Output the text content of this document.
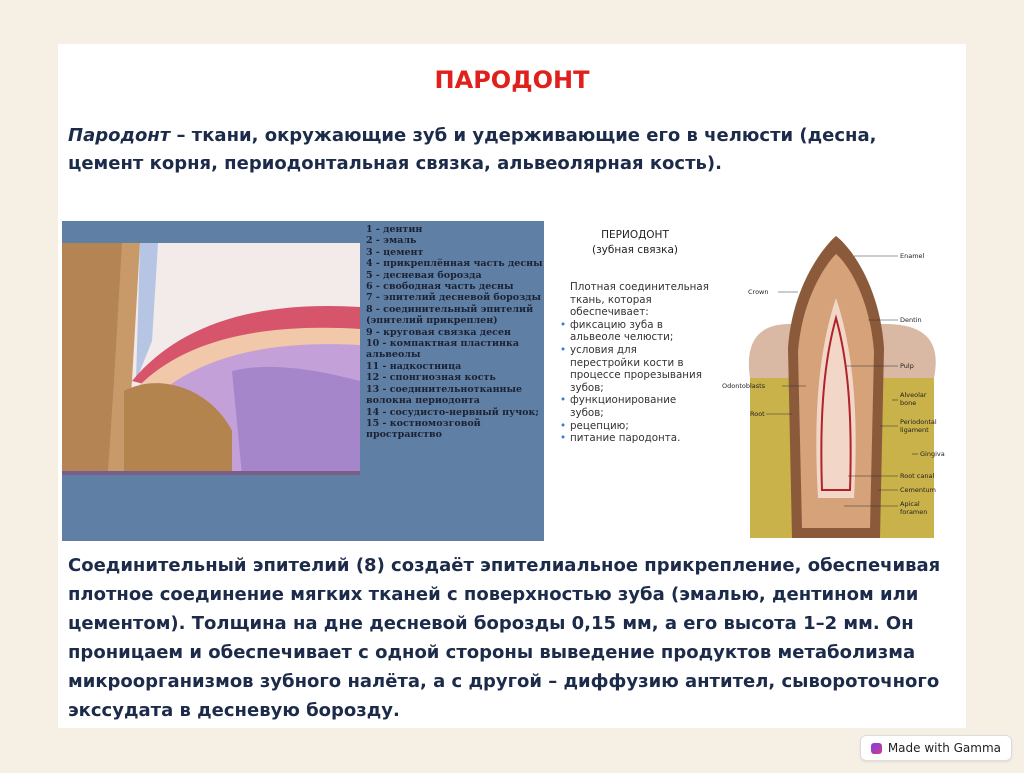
ПАРОДОНТ
Пародонт – ткани, окружающие зуб и удерживающие его в челюсти (десна, цемент корня, периодонтальная связка, альвеолярная кость).
1 - дентин
2 - эмаль
3 - цемент
4 - прикреплённая часть десны
5 - десневая борозда
6 - свободная часть десны
7 - эпителий десневой борозды
8 - соединительный эпителий (эпителий прикреплен)
9 - круговая связка десен
10 - компактная пластинка альвеолы
11 - надкостница
12 - спонгиозная кость
13 - соединительнотканные волокна периодонта
14 - сосудисто-нервный пучок;
15 - костномозговой пространство
ПЕРИОДОНТ
(зубная связка)
Плотная соединительная ткань, которая обеспечивает:
• фиксацию зуба в альвеоле челюсти;
• условия для перестройки кости в процессе прорезывания зубов;
• функционирование зубов;
• рецепцию;
• питание пародонта.
Enamel
Crown
Dentin
Pulp
Odontoblasts
Alveolar bone
Root
Periodontal ligament
Gingiva
Root canal
Cementum
Apical foramen
Соединительный эпителий (8) создаёт эпителиальное прикрепление, обеспечивая плотное соединение мягких тканей с поверхностью зуба (эмалью, дентином или цементом). Толщина на дне десневой борозды 0,15 мм, а его высота 1–2 мм. Он проницаем и обеспечивает с одной стороны выведение продуктов метаболизма микроорганизмов зубного налёта, а с другой – диффузию антител, сывороточного экссудата в десневую борозду.
Made with Gamma
